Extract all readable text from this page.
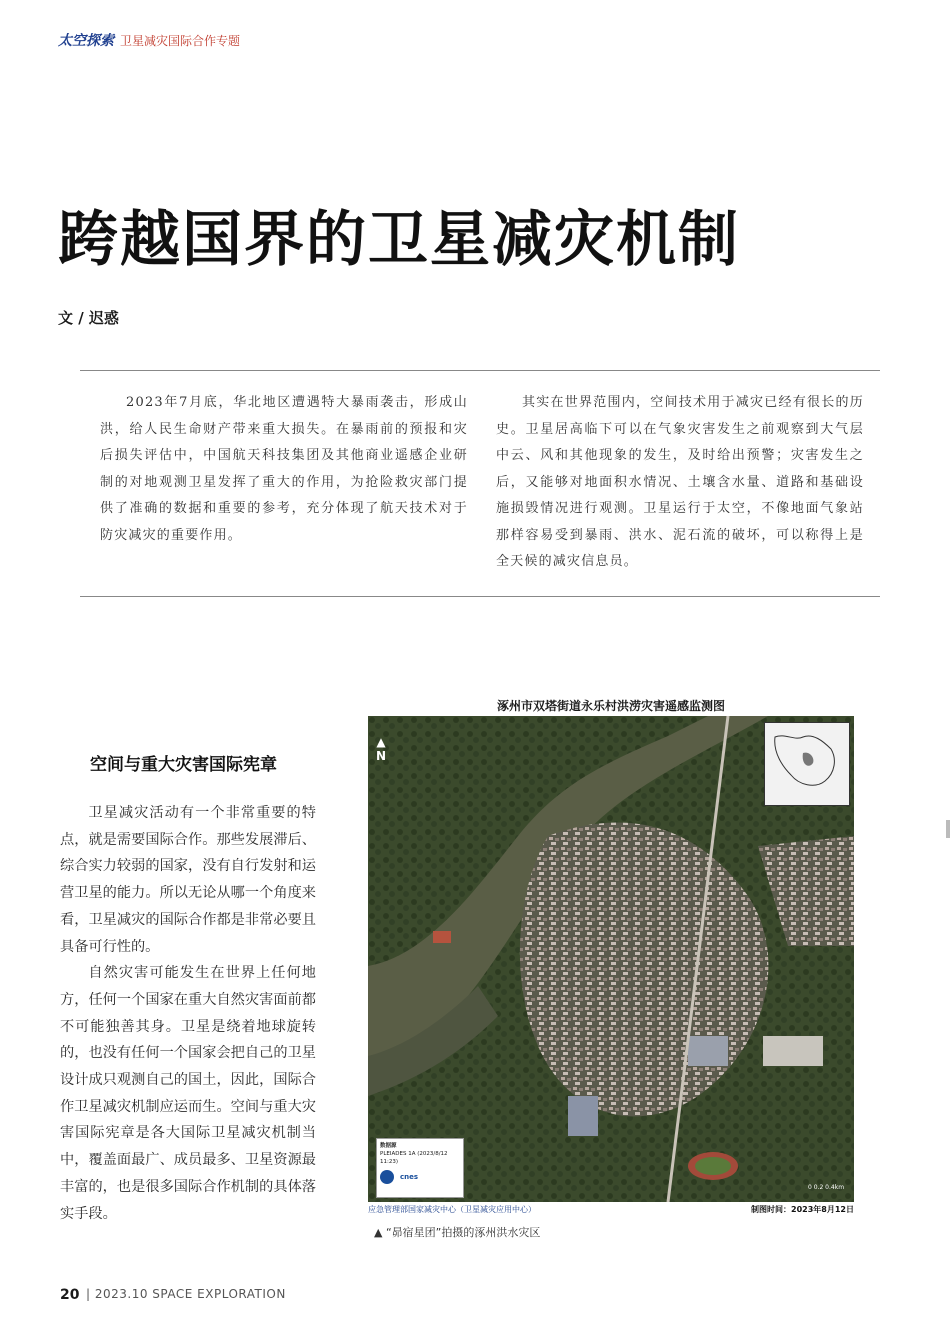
太空探索 卫星减灾国际合作专题
跨越国界的卫星减灾机制
文 / 迟惑

2023年7月底，华北地区遭遇特大暴雨袭击，形成山洪，给人民生命财产带来重大损失。在暴雨前的预报和灾后损失评估中，中国航天科技集团及其他商业遥感企业研制的对地观测卫星发挥了重大的作用，为抢险救灾部门提供了准确的数据和重要的参考，充分体现了航天技术对于防灾减灾的重要作用。

其实在世界范围内，空间技术用于减灾已经有很长的历史。卫星居高临下可以在气象灾害发生之前观察到大气层中云、风和其他现象的发生，及时给出预警；灾害发生之后，又能够对地面积水情况、土壤含水量、道路和基础设施损毁情况进行观测。卫星运行于太空，不像地面气象站那样容易受到暴雨、洪水、泥石流的破坏，可以称得上是全天候的减灾信息员。

空间与重大灾害国际宪章

卫星减灾活动有一个非常重要的特点，就是需要国际合作。那些发展滞后、综合实力较弱的国家，没有自行发射和运营卫星的能力。所以无论从哪一个角度来看，卫星减灾的国际合作都是非常必要且具备可行性的。

自然灾害可能发生在世界上任何地方，任何一个国家在重大自然灾害面前都不可能独善其身。卫星是绕着地球旋转的，也没有任何一个国家会把自己的卫星设计成只观测自己的国土，因此，国际合作卫星减灾机制应运而生。空间与重大灾害国际宪章是各大国际卫星减灾机制当中，覆盖面最广、成员最多、卫星资源最丰富的，也是很多国际合作机制的具体落实手段。

涿州市双塔街道永乐村洪涝灾害遥感监测图
▲
N
数据源
PLEIADES 1A (2023/8/12 11:23)
cnes
0 0.2 0.4km
应急管理部国家减灾中心（卫星减灾应用中心）	制图时间：2023年8月12日
▲ “昴宿星团”拍摄的涿州洪水灾区
20 | 2023.10 SPACE EXPLORATION
